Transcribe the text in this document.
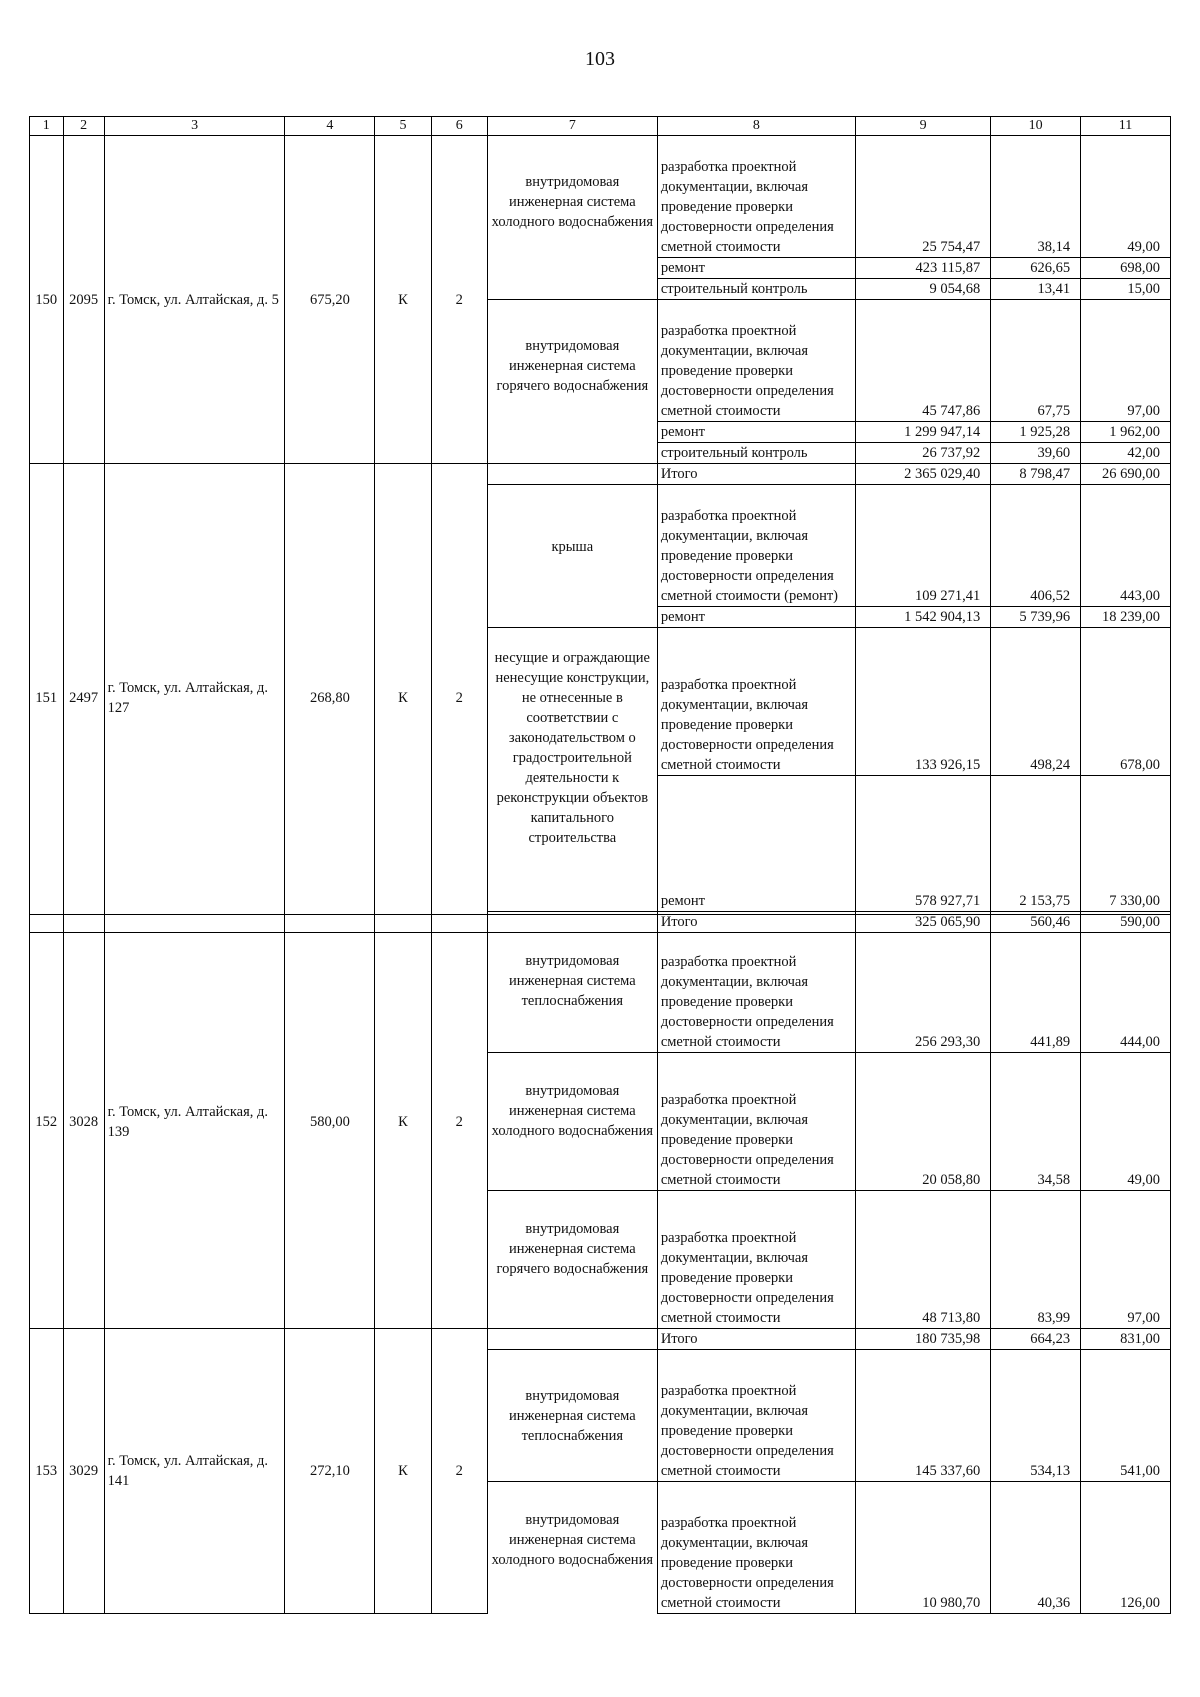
103
1	2	3	4	5	6	7	8	9	10	11
150	2095	г. Томск, ул. Алтайская, д. 5	675,20	К	2	внутридомовая инженерная система холодного водоснабжения	разработка проектной документации, включая проведение проверки достоверности определения сметной стоимости	25 754,47	38,14	49,00
							ремонт	423 115,87	626,65	698,00
							строительный контроль	9 054,68	13,41	15,00
						внутридомовая инженерная система горячего водоснабжения	разработка проектной документации, включая проведение проверки достоверности определения сметной стоимости	45 747,86	67,75	97,00
							ремонт	1 299 947,14	1 925,28	1 962,00
							строительный контроль	26 737,92	39,60	42,00
151	2497	г. Томск, ул. Алтайская, д. 127	268,80	К	2		Итого	2 365 029,40	8 798,47	26 690,00
						крыша	разработка проектной документации, включая проведение проверки достоверности определения сметной стоимости (ремонт)	109 271,41	406,52	443,00
							ремонт	1 542 904,13	5 739,96	18 239,00
						несущие и ограждающие ненесущие конструкции, не отнесенные в соответствии с законодательством о градостроительной деятельности к реконструкции объектов капитального строительства	разработка проектной документации, включая проведение проверки достоверности определения сметной стоимости	133 926,15	498,24	678,00
							ремонт	578 927,71	2 153,75	7 330,00
							Итого	325 065,90	560,46	590,00
152	3028	г. Томск, ул. Алтайская, д. 139	580,00	К	2	внутридомовая инженерная система теплоснабжения	разработка проектной документации, включая проведение проверки достоверности определения сметной стоимости	256 293,30	441,89	444,00
						внутридомовая инженерная система холодного водоснабжения	разработка проектной документации, включая проведение проверки достоверности определения сметной стоимости	20 058,80	34,58	49,00
						внутридомовая инженерная система горячего водоснабжения	разработка проектной документации, включая проведение проверки достоверности определения сметной стоимости	48 713,80	83,99	97,00
153	3029	г. Томск, ул. Алтайская, д. 141	272,10	К	2		Итого	180 735,98	664,23	831,00
						внутридомовая инженерная система теплоснабжения	разработка проектной документации, включая проведение проверки достоверности определения сметной стоимости	145 337,60	534,13	541,00
						внутридомовая инженерная система холодного водоснабжения	разработка проектной документации, включая проведение проверки достоверности определения сметной стоимости	10 980,70	40,36	126,00
